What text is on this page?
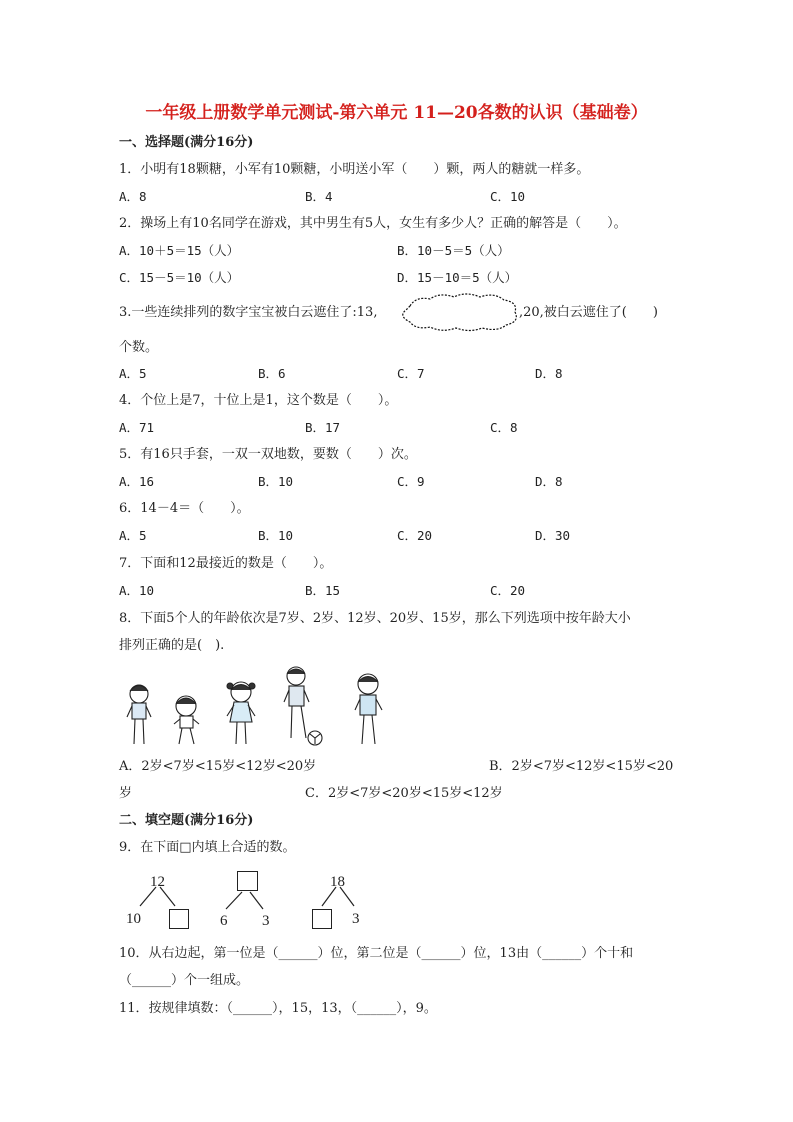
一年级上册数学单元测试-第六单元 11—20各数的认识（基础卷）
一、选择题(满分16分)
1．小明有18颗糖，小军有10颗糖，小明送小军（　　）颗，两人的糖就一样多。
A．8	B．4	C．10
2．操场上有10名同学在游戏，其中男生有5人，女生有多少人？正确的解答是（　　）。
A．10＋5＝15（人）	B．10－5＝5（人）
C．15－5＝10（人）	D．15－10＝5（人）
3.一些连续排列的数字宝宝被白云遮住了:13,	,20,被白云遮住了(　　)
个数。
A．5	B．6	C．7	D．8
4．个位上是7，十位上是1，这个数是（　　）。
A．71	B．17	C．8
5．有16只手套，一双一双地数，要数（　　）次。
A．16	B．10	C．9	D．8
6．14－4＝（　　）。
A．5	B．10	C．20	D．30
7．下面和12最接近的数是（　　）。
A．10	B．15	C．20
8．下面5个人的年龄依次是7岁、2岁、12岁、20岁、15岁，那么下列选项中按年龄大小
排列正确的是(　).
A．2岁<7岁<15岁<12岁<20岁	B．2岁<7岁<12岁<15岁<20
岁	C．2岁<7岁<20岁<15岁<12岁
二、填空题(满分16分)
9．在下面□内填上合适的数。
12
10	6 3
18
3
10．从右边起，第一位是（______）位，第二位是（______）位，13由（______）个十和
（______）个一组成。
11．按规律填数：（______），15，13，（______），9。
